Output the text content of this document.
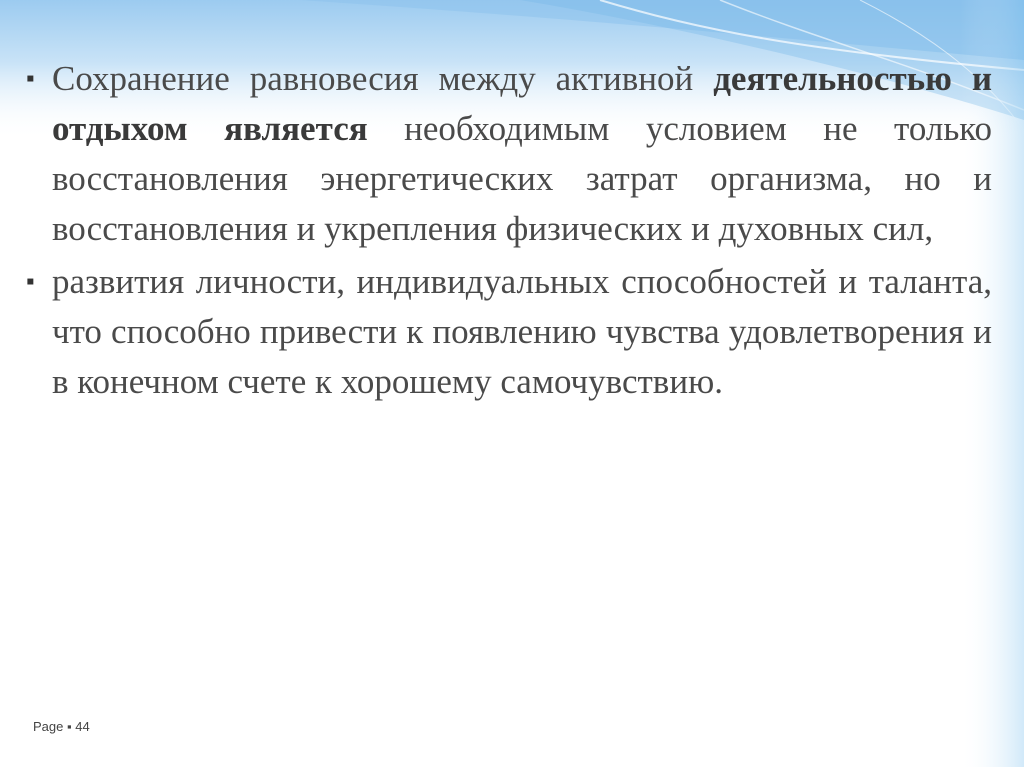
▪ Сохранение равновесия между активной деятельностью и отдыхом является необходимым условием не только восстановления энергетических затрат организма, но и восстановления и укрепления физических и духовных сил,

▪ развития личности, индивидуальных способностей и таланта, что способно привести к появлению чувства удовлетворения и в конечном счете к хорошему самочувствию.

Page ▪ 44
